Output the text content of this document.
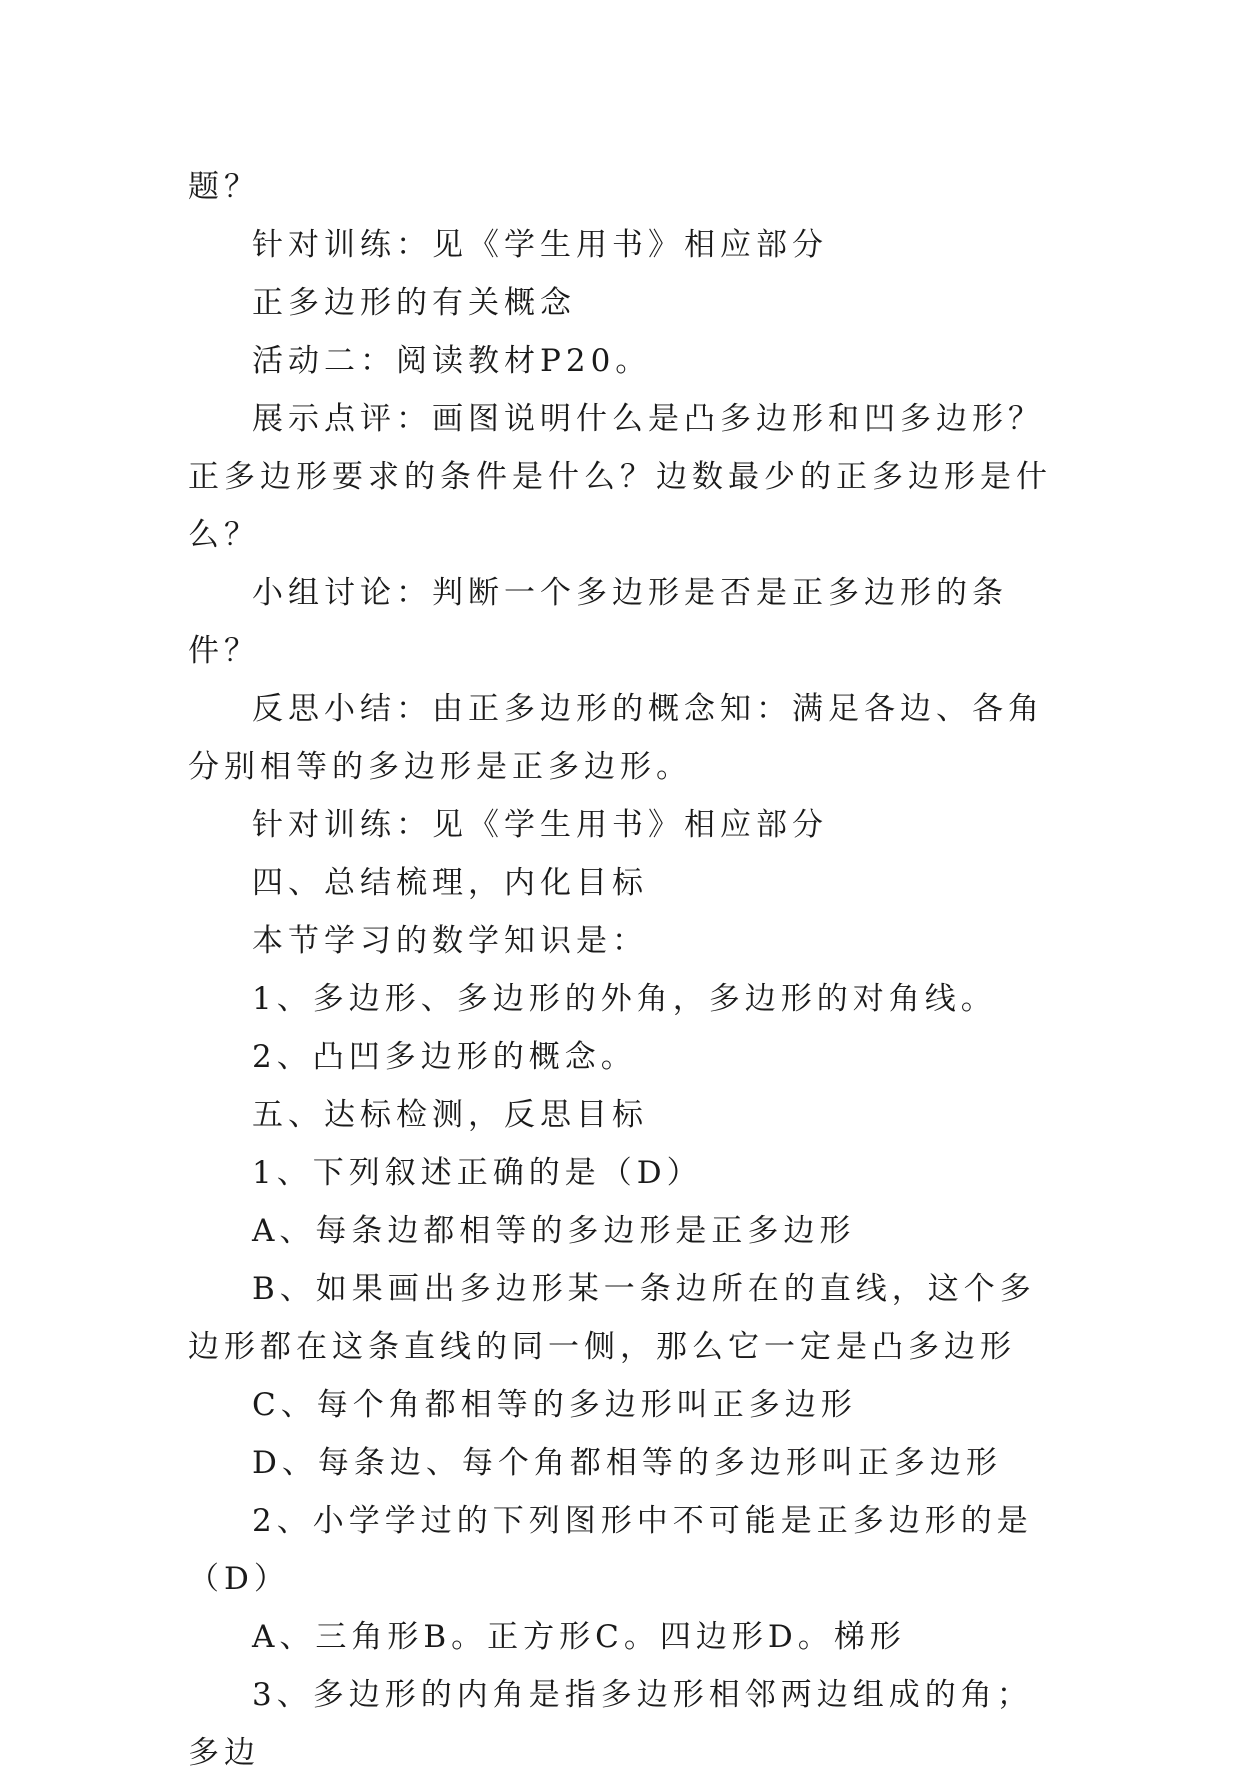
题？

针对训练：见《学生用书》相应部分

正多边形的有关概念

活动二：阅读教材P20。

展示点评：画图说明什么是凸多边形和凹多边形？正多边形要求的条件是什么？边数最少的正多边形是什么？

小组讨论：判断一个多边形是否是正多边形的条件？

反思小结：由正多边形的概念知：满足各边、各角分别相等的多边形是正多边形。

针对训练：见《学生用书》相应部分

四、总结梳理，内化目标

本节学习的数学知识是：

1、多边形、多边形的外角，多边形的对角线。

2、凸凹多边形的概念。

五、达标检测，反思目标

1、下列叙述正确的是（D）

A、每条边都相等的多边形是正多边形

B、如果画出多边形某一条边所在的直线，这个多边形都在这条直线的同一侧，那么它一定是凸多边形

C、每个角都相等的多边形叫正多边形

D、每条边、每个角都相等的多边形叫正多边形

2、小学学过的下列图形中不可能是正多边形的是（D）

A、三角形B。正方形C。四边形D。梯形

3、多边形的内角是指多边形相邻两边组成的角；多边
